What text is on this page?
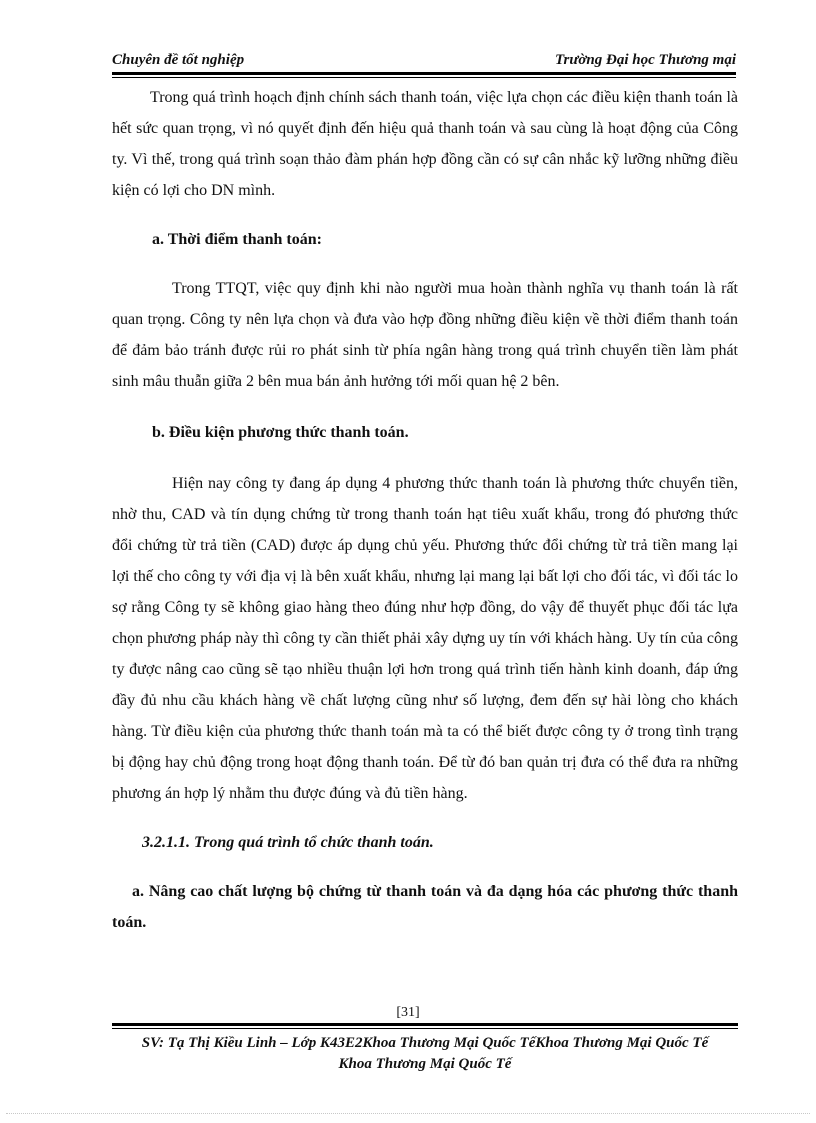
Chuyên đề tốt nghiệp	Trường Đại học Thương mại

Trong quá trình hoạch định chính sách thanh toán, việc lựa chọn các điều kiện thanh toán là hết sức quan trọng, vì nó quyết định đến hiệu quả thanh toán và sau cùng là hoạt động của Công ty. Vì thế, trong quá trình soạn thảo đàm phán hợp đồng cần có sự cân nhắc kỹ lưỡng những điều kiện có lợi cho DN mình.

a. Thời điểm thanh toán:

Trong TTQT, việc quy định khi nào người mua hoàn thành nghĩa vụ thanh toán là rất quan trọng. Công ty nên lựa chọn và đưa vào hợp đồng những điều kiện về thời điểm thanh toán để đảm bảo tránh được rủi ro phát sinh từ phía ngân hàng trong quá trình chuyển tiền làm phát sinh mâu thuẫn giữa 2 bên mua bán ảnh hưởng tới mối quan hệ 2 bên.

b. Điều kiện phương thức thanh toán.

Hiện nay công ty đang áp dụng 4 phương thức thanh toán là phương thức chuyển tiền, nhờ thu, CAD và tín dụng chứng từ trong thanh toán hạt tiêu xuất khẩu, trong đó phương thức đổi chứng từ trả tiền (CAD) được áp dụng chủ yếu. Phương thức đổi chứng từ trả tiền mang lại lợi thế cho công ty với địa vị là bên xuất khẩu, nhưng lại mang lại bất lợi cho đối tác, vì đối tác lo sợ rằng Công ty sẽ không giao hàng theo đúng như hợp đồng, do vậy để thuyết phục đối tác lựa chọn phương pháp này thì công ty cần thiết phải xây dựng uy tín với khách hàng. Uy tín của công ty được nâng cao cũng sẽ tạo nhiều thuận lợi hơn trong quá trình tiến hành kinh doanh, đáp ứng đầy đủ nhu cầu khách hàng về chất lượng cũng như số lượng, đem đến sự hài lòng cho khách hàng. Từ điều kiện của phương thức thanh toán mà ta có thể biết được công ty ở trong tình trạng bị động hay chủ động trong hoạt động thanh toán. Để từ đó ban quản trị đưa có thể đưa ra những phương án hợp lý nhằm thu được đúng và đủ tiền hàng.

3.2.1.1. Trong quá trình tổ chức thanh toán.

a. Nâng cao chất lượng bộ chứng từ thanh toán và đa dạng hóa các phương thức thanh toán.

[31]
SV: Tạ Thị Kiều Linh – Lớp K43E2Khoa Thương Mại Quốc TếKhoa Thương Mại Quốc Tế
Khoa Thương Mại Quốc Tế
